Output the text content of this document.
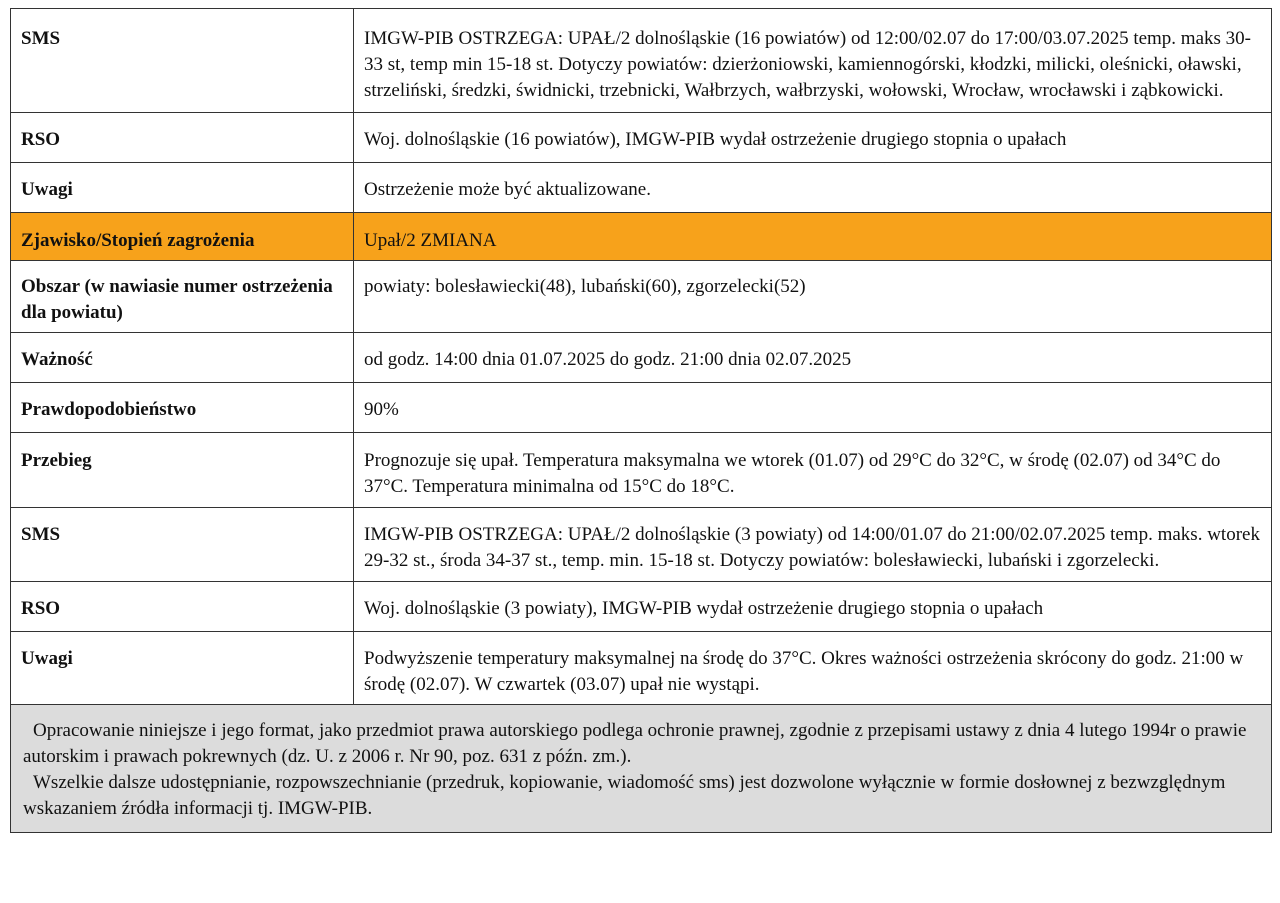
SMS	IMGW-PIB OSTRZEGA: UPAŁ/2 dolnośląskie (16 powiatów) od 12:00/02.07 do 17:00/03.07.2025 temp. maks 30-33 st, temp min 15-18 st. Dotyczy powiatów: dzierżoniowski, kamiennogórski, kłodzki, milicki, oleśnicki, oławski, strzeliński, średzki, świdnicki, trzebnicki, Wałbrzych, wałbrzyski, wołowski, Wrocław, wrocławski i ząbkowicki.

RSO	Woj. dolnośląskie (16 powiatów), IMGW-PIB wydał ostrzeżenie drugiego stopnia o upałach

Uwagi	Ostrzeżenie może być aktualizowane.

Zjawisko/Stopień zagrożenia	Upał/2 ZMIANA

Obszar (w nawiasie numer ostrzeżenia dla powiatu)	powiaty: bolesławiecki(48), lubański(60), zgorzelecki(52)

Ważność	od godz. 14:00 dnia 01.07.2025 do godz. 21:00 dnia 02.07.2025

Prawdopodobieństwo	90%

Przebieg	Prognozuje się upał. Temperatura maksymalna we wtorek (01.07) od 29°C do 32°C, w środę (02.07) od 34°C do 37°C. Temperatura minimalna od 15°C do 18°C.

SMS	IMGW-PIB OSTRZEGA: UPAŁ/2 dolnośląskie (3 powiaty) od 14:00/01.07 do 21:00/02.07.2025 temp. maks. wtorek 29-32 st., środa 34-37 st., temp. min. 15-18 st. Dotyczy powiatów: bolesławiecki, lubański i zgorzelecki.

RSO	Woj. dolnośląskie (3 powiaty), IMGW-PIB wydał ostrzeżenie drugiego stopnia o upałach

Uwagi	Podwyższenie temperatury maksymalnej na środę do 37°C. Okres ważności ostrzeżenia skrócony do godz. 21:00 w środę (02.07). W czwartek (03.07) upał nie wystąpi.

Opracowanie niniejsze i jego format, jako przedmiot prawa autorskiego podlega ochronie prawnej, zgodnie z przepisami ustawy z dnia 4 lutego 1994r o prawie autorskim i prawach pokrewnych (dz. U. z 2006 r. Nr 90, poz. 631 z późn. zm.).

Wszelkie dalsze udostępnianie, rozpowszechnianie (przedruk, kopiowanie, wiadomość sms) jest dozwolone wyłącznie w formie dosłownej z bezwzględnym wskazaniem źródła informacji tj. IMGW-PIB.
